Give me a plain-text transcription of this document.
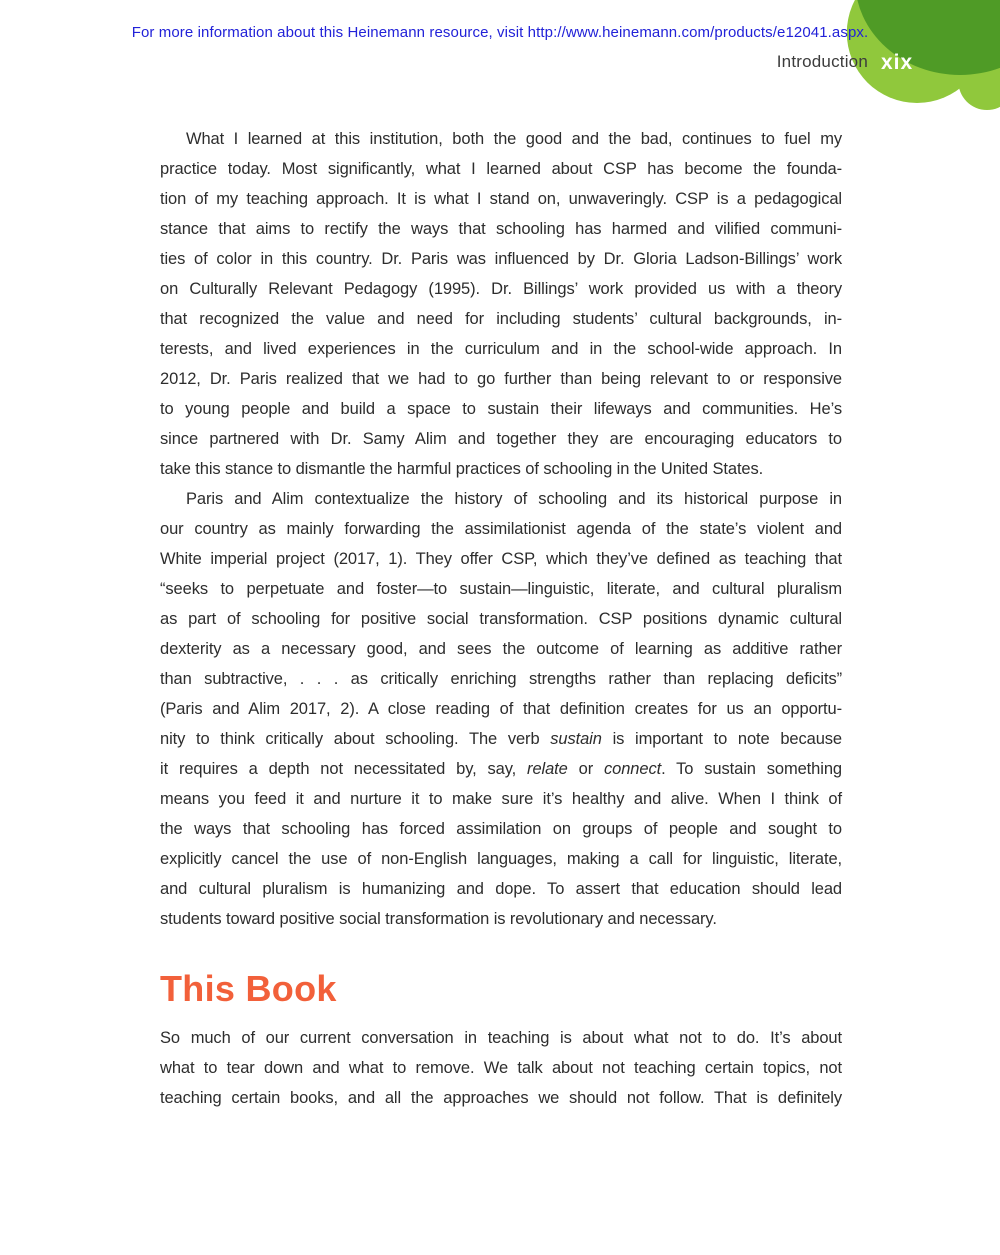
For more information about this Heinemann resource, visit http://www.heinemann.com/products/e12041.aspx.
Introduction xix

What I learned at this institution, both the good and the bad, continues to fuel my
practice today. Most significantly, what I learned about CSP has become the founda-
tion of my teaching approach. It is what I stand on, unwaveringly. CSP is a pedagogical
stance that aims to rectify the ways that schooling has harmed and vilified communi-
ties of color in this country. Dr. Paris was influenced by Dr. Gloria Ladson-Billings’ work
on Culturally Relevant Pedagogy (1995). Dr. Billings’ work provided us with a theory
that recognized the value and need for including students’ cultural backgrounds, in-
terests, and lived experiences in the curriculum and in the school-wide approach. In
2012, Dr. Paris realized that we had to go further than being relevant to or responsive
to young people and build a space to sustain their lifeways and communities. He’s
since partnered with Dr. Samy Alim and together they are encouraging educators to
take this stance to dismantle the harmful practices of schooling in the United States.

Paris and Alim contextualize the history of schooling and its historical purpose in
our country as mainly forwarding the assimilationist agenda of the state’s violent and
White imperial project (2017, 1). They offer CSP, which they’ve defined as teaching that
“seeks to perpetuate and foster—to sustain—linguistic, literate, and cultural pluralism
as part of schooling for positive social transformation. CSP positions dynamic cultural
dexterity as a necessary good, and sees the outcome of learning as additive rather
than subtractive, . . . as critically enriching strengths rather than replacing deficits”
(Paris and Alim 2017, 2). A close reading of that definition creates for us an opportu-
nity to think critically about schooling. The verb sustain is important to note because
it requires a depth not necessitated by, say, relate or connect. To sustain something
means you feed it and nurture it to make sure it’s healthy and alive. When I think of
the ways that schooling has forced assimilation on groups of people and sought to
explicitly cancel the use of non-English languages, making a call for linguistic, literate,
and cultural pluralism is humanizing and dope. To assert that education should lead
students toward positive social transformation is revolutionary and necessary.

This Book

So much of our current conversation in teaching is about what not to do. It’s about
what to tear down and what to remove. We talk about not teaching certain topics, not
teaching certain books, and all the approaches we should not follow. That is definitely
